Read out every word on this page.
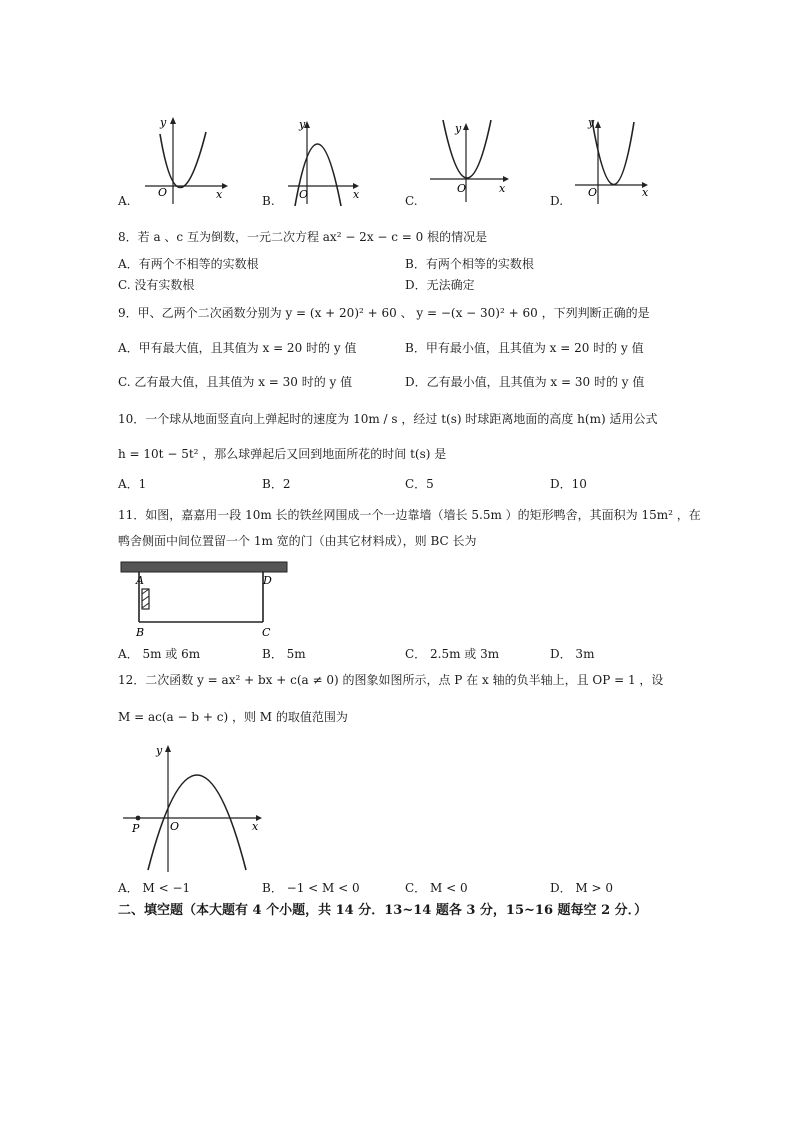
y
x
O
A.
y
x
O
B.
y
x
O
C.
y
x
O
D.
8．若 a 、c 互为倒数，一元二次方程 ax² − 2x − c = 0 根的情况是
A．有两个不相等的实数根	B．有两个相等的实数根
C. 没有实数根	D．无法确定
9．甲、乙两个二次函数分别为 y = (x + 20)² + 60 、 y = −(x − 30)² + 60 ，下列判断正确的是
A．甲有最大值，且其值为 x = 20 时的 y 值	B．甲有最小值，且其值为 x = 20 时的 y 值
C. 乙有最大值，且其值为 x = 30 时的 y 值	D．乙有最小值，且其值为 x = 30 时的 y 值
10．一个球从地面竖直向上弹起时的速度为 10m / s ，经过 t(s) 时球距离地面的高度 h(m) 适用公式
h = 10t − 5t² ，那么球弹起后又回到地面所花的时间 t(s) 是
A．1	B．2	C．5	D．10
11．如图，嘉嘉用一段 10m 长的铁丝网围成一个一边靠墙（墙长 5.5m ）的矩形鸭舍，其面积为 15m² ，在
鸭舍侧面中间位置留一个 1m 宽的门（由其它材料成），则 BC 长为
A	D
B	C
A． 5m 或 6m	B． 5m	C． 2.5m 或 3m	D． 3m
12．二次函数 y = ax² + bx + c(a ≠ 0) 的图象如图所示，点 P 在 x 轴的负半轴上，且 OP = 1 ，设
M = ac(a − b + c) ，则 M 的取值范围为
y
x
O
P
A． M < −1	B． −1 < M < 0	C． M < 0	D． M > 0
二、填空题（本大题有 4 个小题，共 14 分．13~14 题各 3 分，15~16 题每空 2 分．）
